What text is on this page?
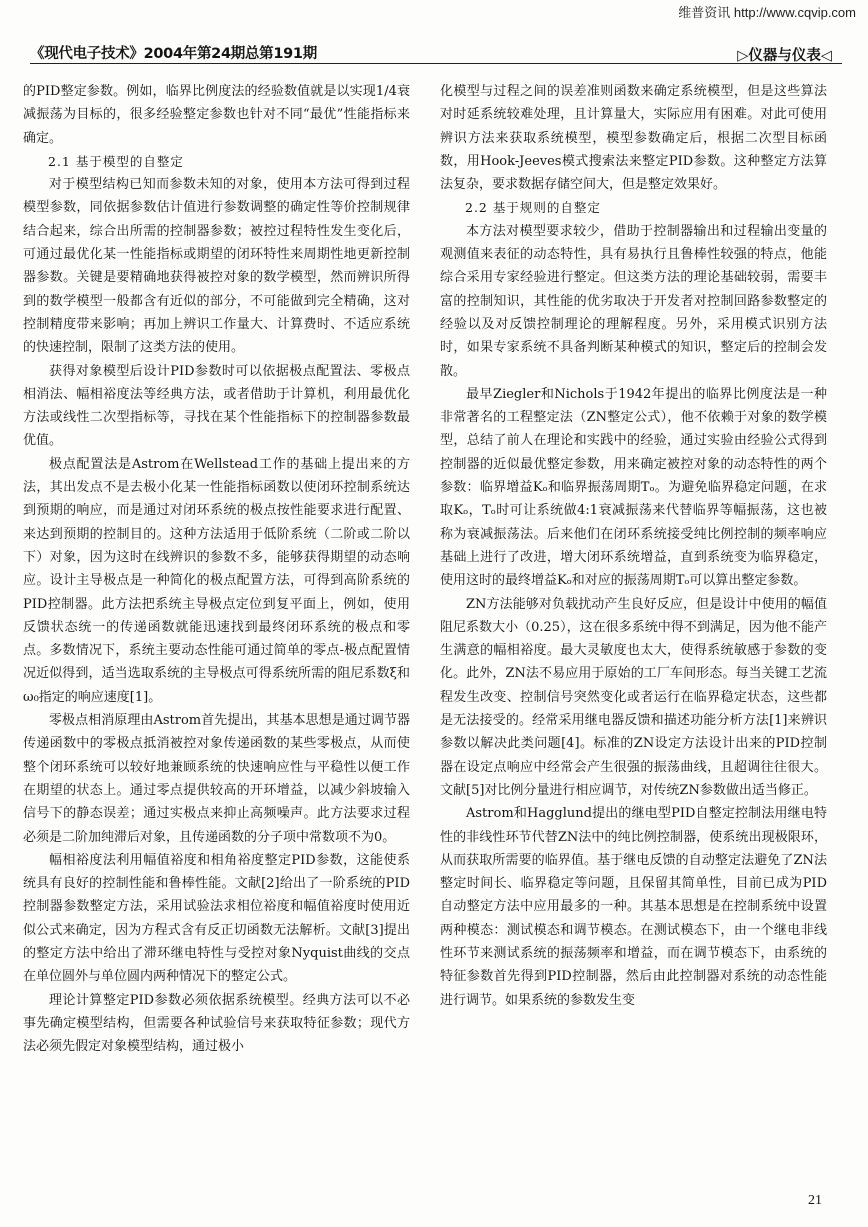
维普资讯 http://www.cqvip.com
《现代电子技术》2004年第24期总第191期	▷仪器与仪表◁

的PID整定参数。例如，临界比例度法的经验数值就是以实现1/4衰减振荡为目标的，很多经验整定参数也针对不同“最优”性能指标来确定。

2.1 基于模型的自整定

对于模型结构已知而参数未知的对象，使用本方法可得到过程模型参数，同依据参数估计值进行参数调整的确定性等价控制规律结合起来，综合出所需的控制器参数；被控过程特性发生变化后，可通过最优化某一性能指标或期望的闭环特性来周期性地更新控制器参数。关键是要精确地获得被控对象的数学模型，然而辨识所得到的数学模型一般都含有近似的部分，不可能做到完全精确，这对控制精度带来影响；再加上辨识工作量大、计算费时、不适应系统的快速控制，限制了这类方法的使用。

获得对象模型后设计PID参数时可以依据极点配置法、零极点相消法、幅相裕度法等经典方法，或者借助于计算机，利用最优化方法或线性二次型指标等，寻找在某个性能指标下的控制器参数最优值。

极点配置法是Astrom在Wellstead工作的基础上提出来的方法，其出发点不是去极小化某一性能指标函数以使闭环控制系统达到预期的响应，而是通过对闭环系统的极点按性能要求进行配置、来达到预期的控制目的。这种方法适用于低阶系统（二阶或二阶以下）对象，因为这时在线辨识的参数不多，能够获得期望的动态响应。设计主导极点是一种简化的极点配置方法，可得到高阶系统的PID控制器。此方法把系统主导极点定位到复平面上，例如，使用反馈状态统一的传递函数就能迅速找到最终闭环系统的极点和零点。多数情况下，系统主要动态性能可通过简单的零点-极点配置情况近似得到，适当选取系统的主导极点可得系统所需的阻尼系数ξ和ω₀指定的响应速度[1]。

零极点相消原理由Astrom首先提出，其基本思想是通过调节器传递函数中的零极点抵消被控对象传递函数的某些零极点，从而使整个闭环系统可以较好地兼顾系统的快速响应性与平稳性以便工作在期望的状态上。通过零点提供较高的开环增益，以减少斜坡输入信号下的静态误差；通过实极点来抑止高频噪声。此方法要求过程必须是二阶加纯滞后对象，且传递函数的分子项中常数项不为0。

幅相裕度法利用幅值裕度和相角裕度整定PID参数，这能使系统具有良好的控制性能和鲁棒性能。文献[2]给出了一阶系统的PID控制器参数整定方法，采用试验法求相位裕度和幅值裕度时使用近似公式来确定，因为方程式含有反正切函数无法解析。文献[3]提出的整定方法中给出了滞环继电特性与受控对象Nyquist曲线的交点在单位圆外与单位圆内两种情况下的整定公式。

理论计算整定PID参数必须依据系统模型。经典方法可以不必事先确定模型结构，但需要各种试验信号来获取特征参数；现代方法必须先假定对象模型结构，通过极小

化模型与过程之间的误差准则函数来确定系统模型，但是这些算法对时延系统较难处理，且计算量大，实际应用有困难。对此可使用辨识方法来获取系统模型，模型参数确定后，根据二次型目标函数，用Hook-Jeeves模式搜索法来整定PID参数。这种整定方法算法复杂，要求数据存储空间大，但是整定效果好。

2.2 基于规则的自整定

本方法对模型要求较少，借助于控制器输出和过程输出变量的观测值来表征的动态特性，具有易执行且鲁棒性较强的特点，他能综合采用专家经验进行整定。但这类方法的理论基础较弱，需要丰富的控制知识，其性能的优劣取决于开发者对控制回路参数整定的经验以及对反馈控制理论的理解程度。另外，采用模式识别方法时，如果专家系统不具备判断某种模式的知识，整定后的控制会发散。

最早Ziegler和Nichols于1942年提出的临界比例度法是一种非常著名的工程整定法（ZN整定公式），他不依赖于对象的数学模型，总结了前人在理论和实践中的经验，通过实验由经验公式得到控制器的近似最优整定参数，用来确定被控对象的动态特性的两个参数：临界增益Kₒ和临界振荡周期Tₒ。为避免临界稳定问题，在求取Kₒ，Tₒ时可让系统做4:1衰减振荡来代替临界等幅振荡，这也被称为衰减振荡法。后来他们在闭环系统接受纯比例控制的频率响应基础上进行了改进，增大闭环系统增益，直到系统变为临界稳定，使用这时的最终增益Kₒ和对应的振荡周期Tₒ可以算出整定参数。

ZN方法能够对负载扰动产生良好反应，但是设计中使用的幅值阻尼系数大小（0.25），这在很多系统中得不到满足，因为他不能产生满意的幅相裕度。最大灵敏度也太大，使得系统敏感于参数的变化。此外，ZN法不易应用于原始的工厂车间形态。每当关键工艺流程发生改变、控制信号突然变化或者运行在临界稳定状态，这些都是无法接受的。经常采用继电器反馈和描述功能分析方法[1]来辨识参数以解决此类问题[4]。标准的ZN设定方法设计出来的PID控制器在设定点响应中经常会产生很强的振荡曲线，且超调往往很大。文献[5]对比例分量进行相应调节，对传统ZN参数做出适当修正。

Astrom和Hagglund提出的继电型PID自整定控制法用继电特性的非线性环节代替ZN法中的纯比例控制器，使系统出现极限环，从而获取所需要的临界值。基于继电反馈的自动整定法避免了ZN法整定时间长、临界稳定等问题，且保留其简单性，目前已成为PID自动整定方法中应用最多的一种。其基本思想是在控制系统中设置两种模态：测试模态和调节模态。在测试模态下，由一个继电非线性环节来测试系统的振荡频率和增益，而在调节模态下，由系统的特征参数首先得到PID控制器，然后由此控制器对系统的动态性能进行调节。如果系统的参数发生变

21
